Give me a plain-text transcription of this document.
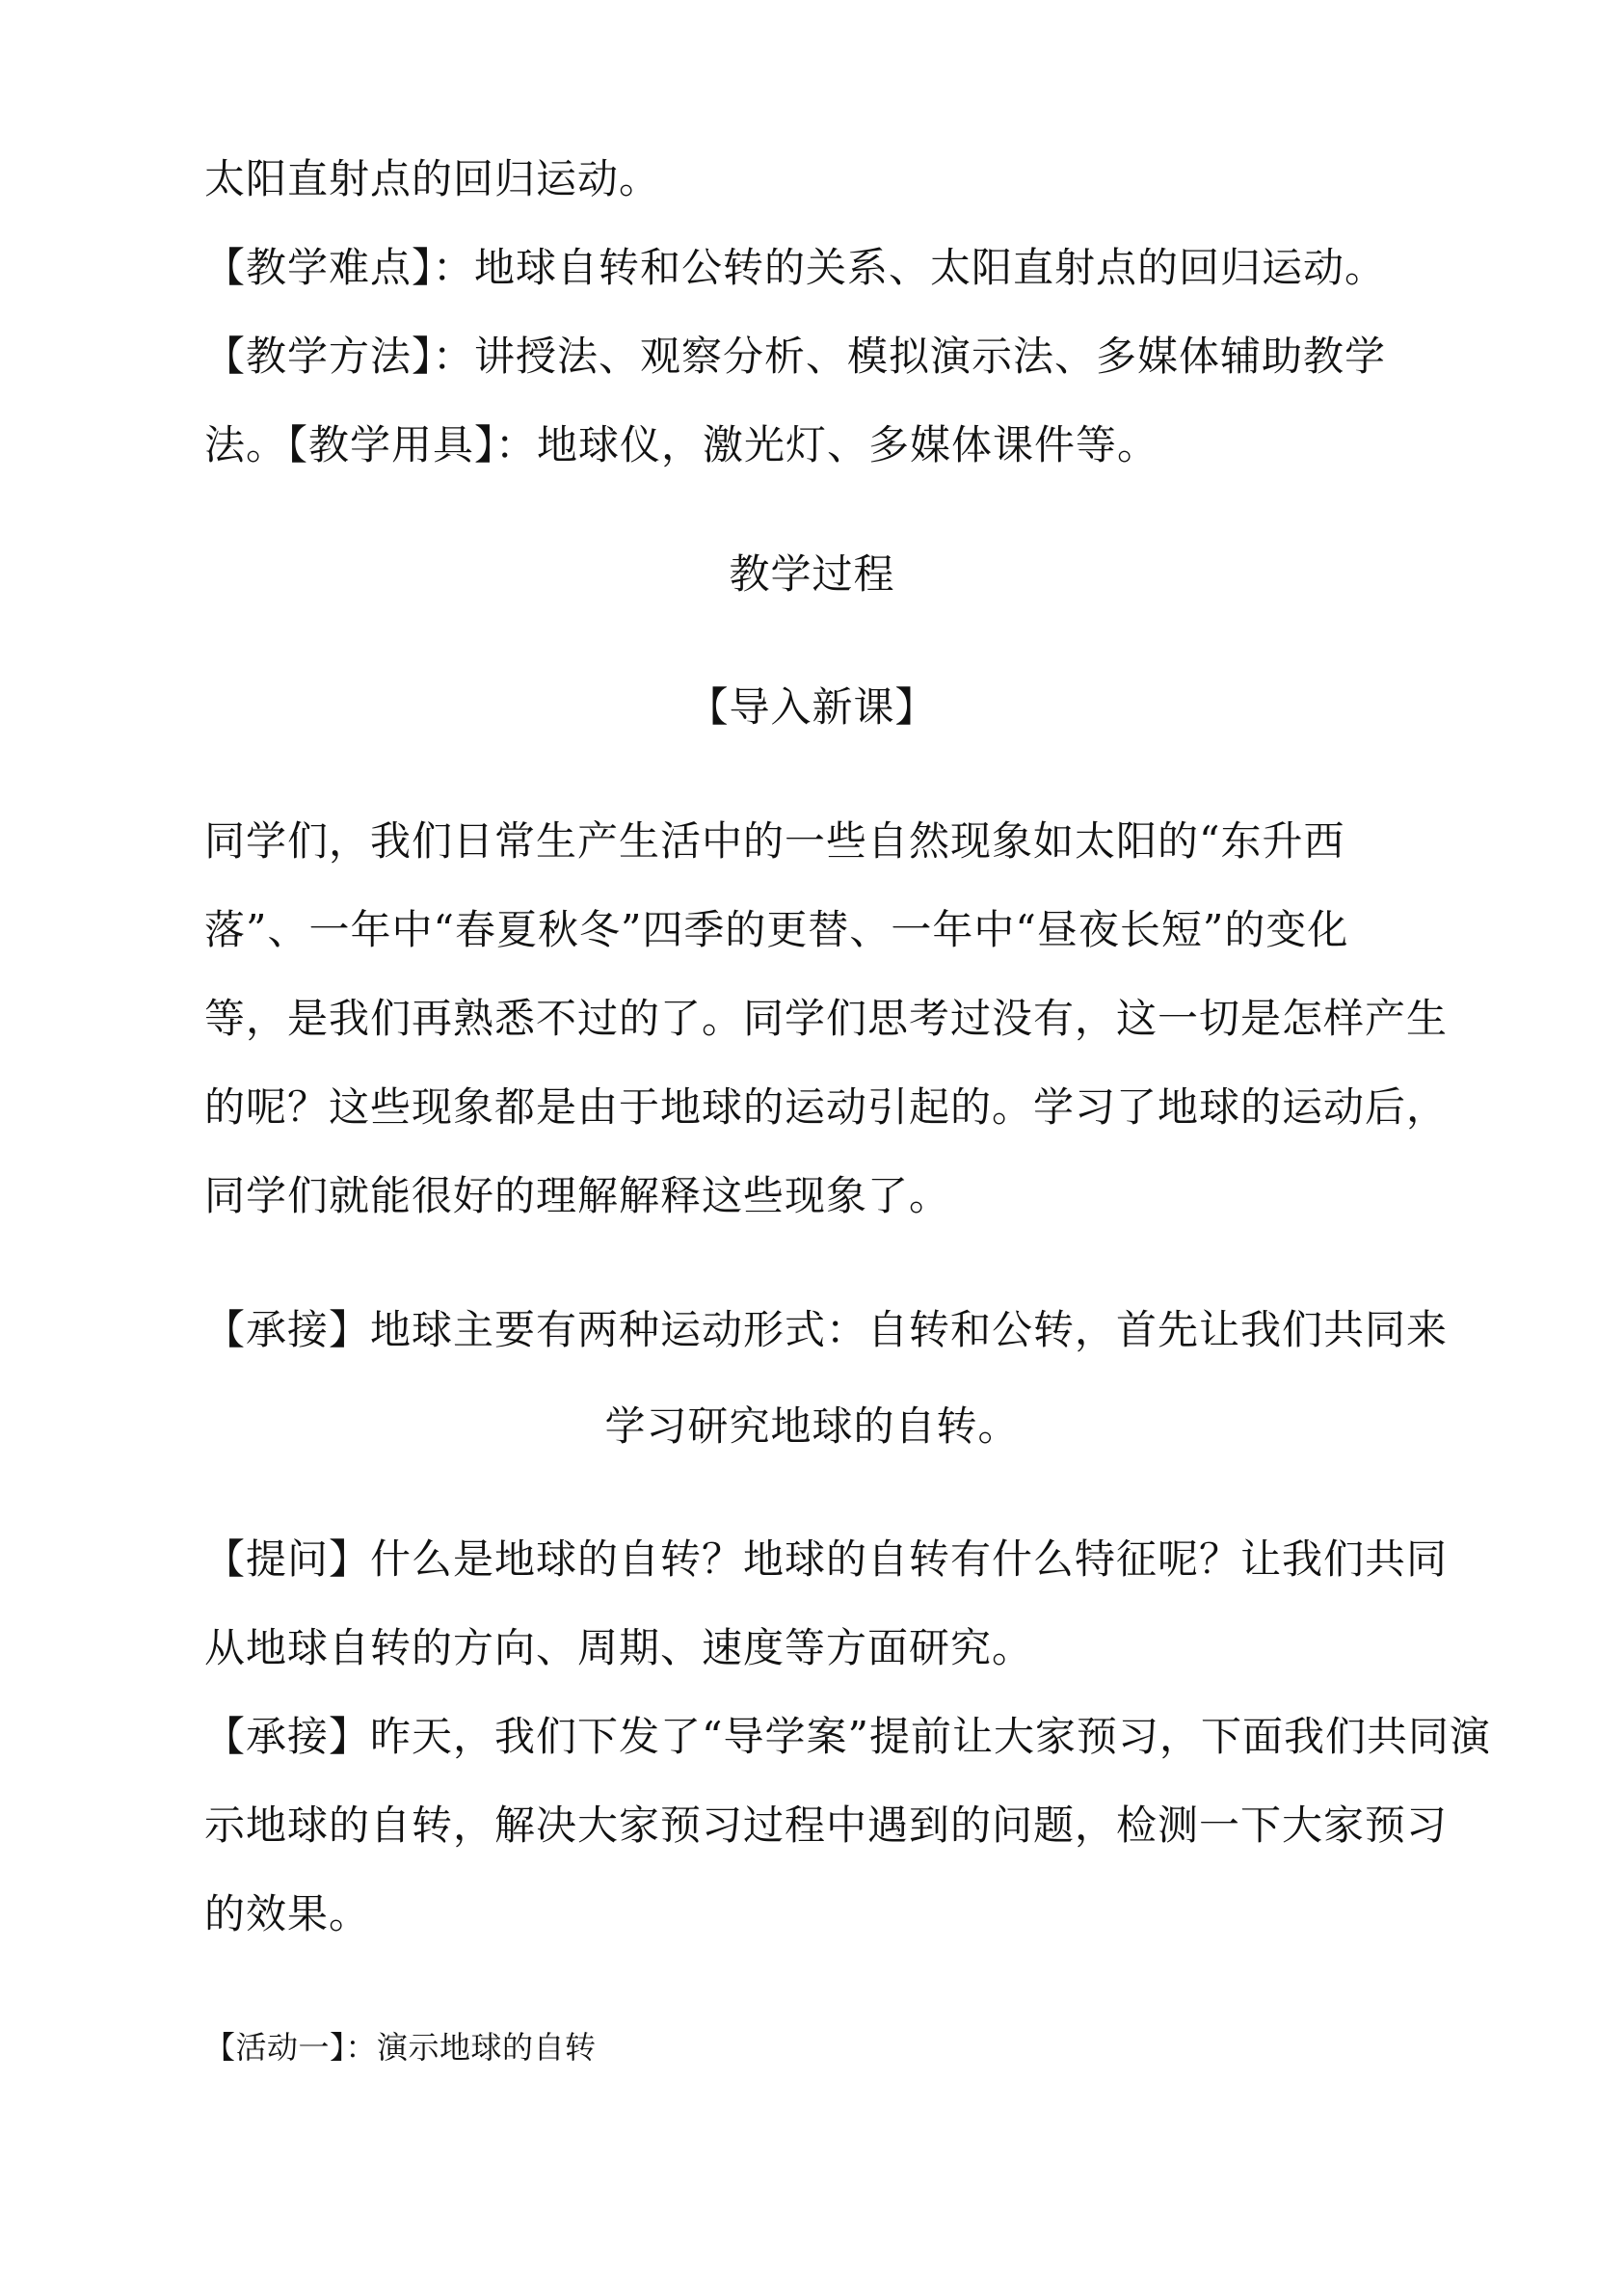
太阳直射点的回归运动。
【教学难点】：地球自转和公转的关系、太阳直射点的回归运动。
【教学方法】：讲授法、观察分析、模拟演示法、多媒体辅助教学
法。【教学用具】：地球仪，激光灯、多媒体课件等。
教学过程
【导入新课】
同学们，我们日常生产生活中的一些自然现象如太阳的“东升西
落”、一年中“春夏秋冬”四季的更替、一年中“昼夜长短”的变化
等，是我们再熟悉不过的了。同学们思考过没有，这一切是怎样产生
的呢？这些现象都是由于地球的运动引起的。学习了地球的运动后，
同学们就能很好的理解解释这些现象了。
【承接】地球主要有两种运动形式：自转和公转，首先让我们共同来
学习研究地球的自转。
【提问】什么是地球的自转？地球的自转有什么特征呢？让我们共同
从地球自转的方向、周期、速度等方面研究。
【承接】昨天，我们下发了“导学案”提前让大家预习，下面我们共同演
示地球的自转，解决大家预习过程中遇到的问题，检测一下大家预习
的效果。
【活动一】：演示地球的自转
